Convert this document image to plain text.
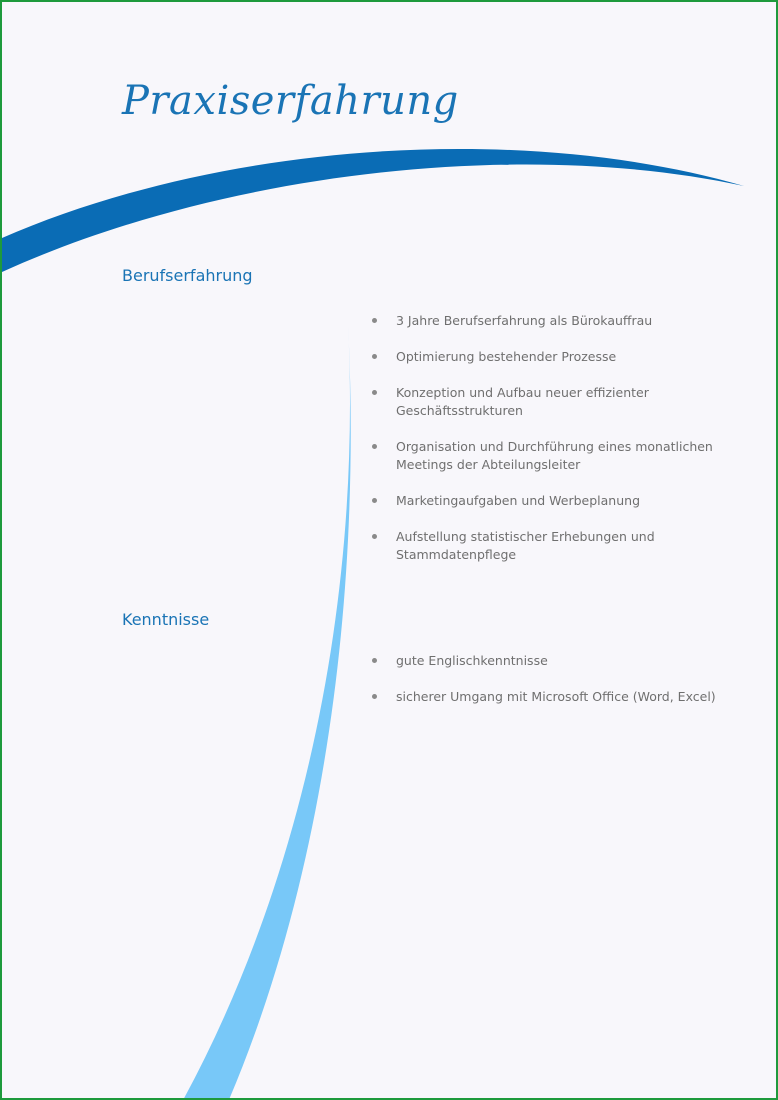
Praxiserfahrung
Berufserfahrung
3 Jahre Berufserfahrung als Bürokauffrau
Optimierung bestehender Prozesse
Konzeption und Aufbau neuer effizienter Geschäftsstrukturen
Organisation und Durchführung eines monatlichen Meetings der Abteilungsleiter
Marketingaufgaben und Werbeplanung
Aufstellung statistischer Erhebungen und Stammdatenpflege
Kenntnisse
gute Englischkenntnisse
sicherer Umgang mit Microsoft Office (Word, Excel)
